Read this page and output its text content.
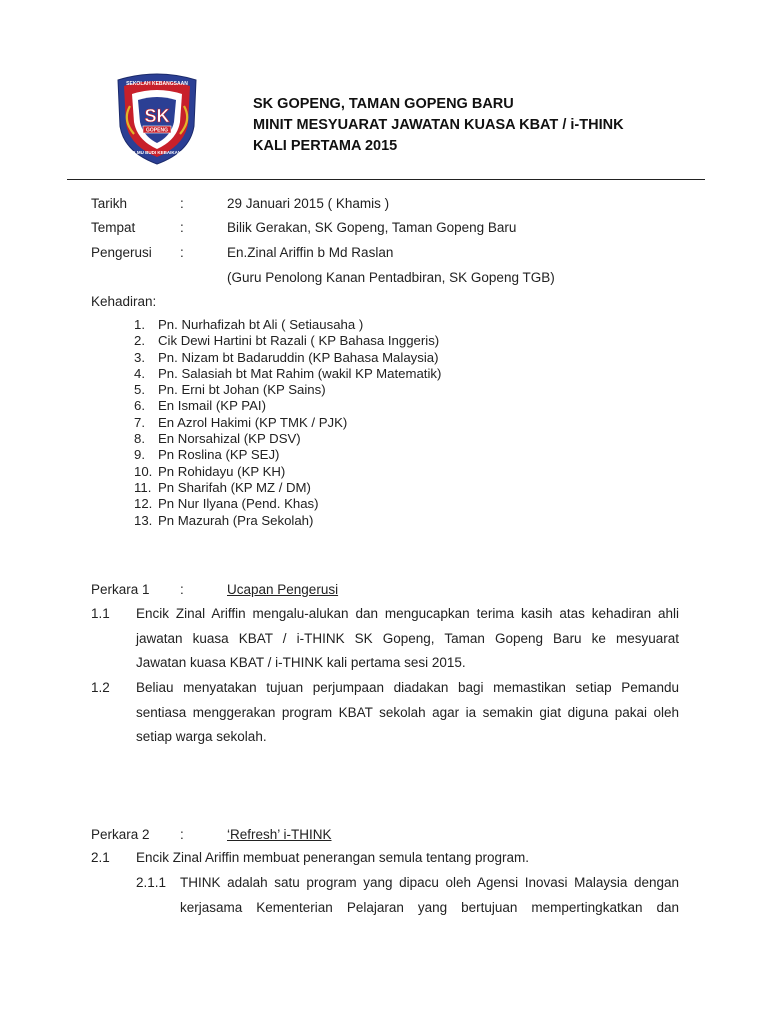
SEKOLAH KEBANGSAAN
SK
GOPENG
ILMU BUDI KEBAIKAN
SK GOPENG, TAMAN GOPENG BARU
MINIT MESYUARAT JAWATAN KUASA KBAT / i-THINK
KALI PERTAMA 2015
Tarikh	:	29 Januari 2015 ( Khamis )
Tempat	:	Bilik Gerakan, SK Gopeng, Taman Gopeng Baru
Pengerusi :	En.Zinal Ariffin b Md Raslan
(Guru Penolong Kanan Pentadbiran, SK Gopeng TGB)
Kehadiran:
1. Pn. Nurhafizah bt Ali ( Setiausaha )
2. Cik Dewi Hartini bt Razali ( KP Bahasa Inggeris)
3. Pn. Nizam bt Badaruddin (KP Bahasa Malaysia)
4. Pn. Salasiah bt Mat Rahim (wakil KP Matematik)
5. Pn. Erni bt Johan (KP Sains)
6. En Ismail (KP PAI)
7. En Azrol Hakimi (KP TMK / PJK)
8. En Norsahizal (KP DSV)
9. Pn Roslina (KP SEJ)
10. Pn Rohidayu (KP KH)
11. Pn Sharifah (KP MZ / DM)
12. Pn Nur Ilyana (Pend. Khas)
13. Pn Mazurah (Pra Sekolah)
Perkara 1 :	Ucapan Pengerusi
1.1 Encik Zinal Ariffin mengalu-alukan dan mengucapkan terima kasih atas kehadiran ahli
jawatan kuasa KBAT / i-THINK SK Gopeng, Taman Gopeng Baru ke mesyuarat
Jawatan kuasa KBAT / i-THINK kali pertama sesi 2015.
1.2 Beliau menyatakan tujuan perjumpaan diadakan bagi memastikan setiap Pemandu
sentiasa menggerakan program KBAT sekolah agar ia semakin giat diguna pakai oleh
setiap warga sekolah.
Perkara 2 :	‘Refresh’ i-THINK
2.1 Encik Zinal Ariffin membuat penerangan semula tentang program.
2.1.1 THINK adalah satu program yang dipacu oleh Agensi Inovasi Malaysia dengan
kerjasama Kementerian Pelajaran yang bertujuan mempertingkatkan dan
